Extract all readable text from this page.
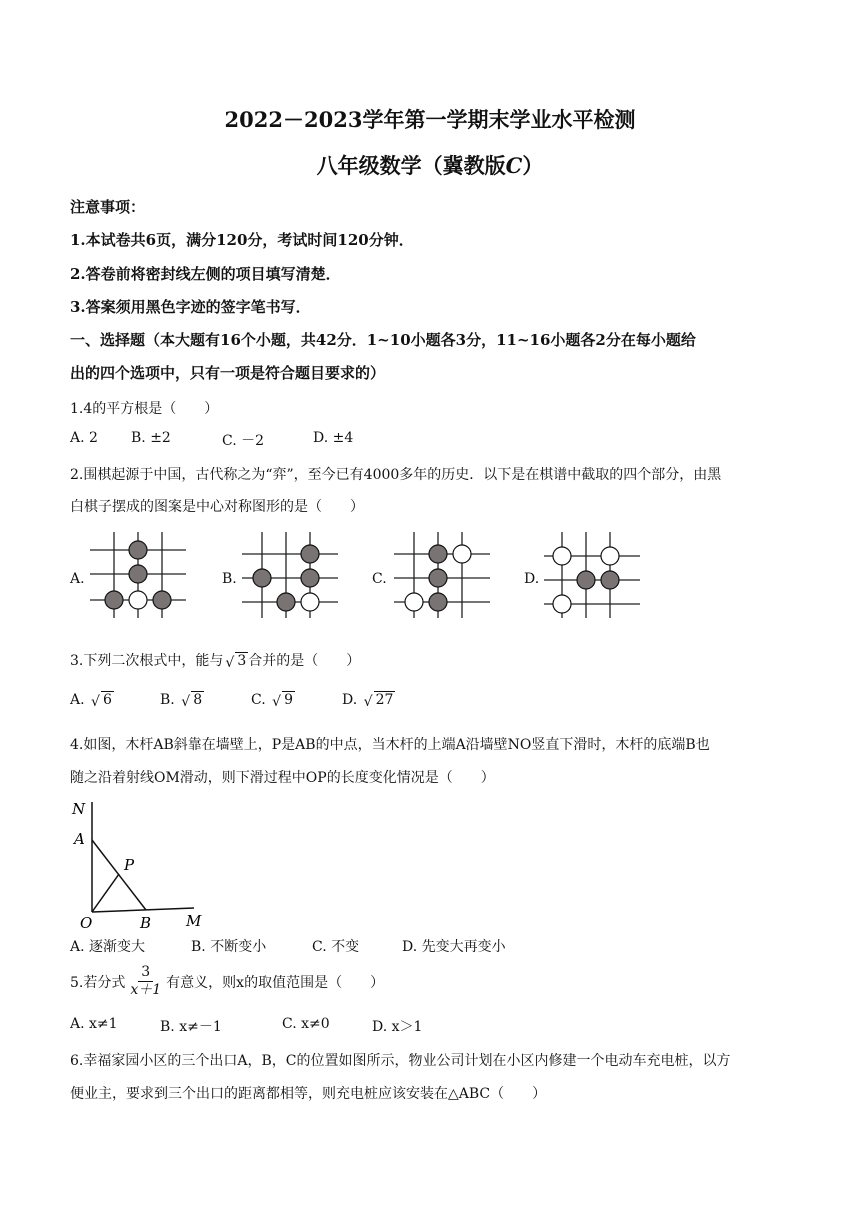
2022－2023学年第一学期末学业水平检测
八年级数学（冀教版C）
注意事项：
1.本试卷共6页，满分120分，考试时间120分钟．
2.答卷前将密封线左侧的项目填写清楚．
3.答案须用黑色字迹的签字笔书写．
一、选择题（本大题有16个小题，共42分．1~10小题各3分，11~16小题各2分在每小题给
出的四个选项中，只有一项是符合题目要求的）
1.4的平方根是（　　）
A. 2 B. ±2	C. －2	D. ±4
2.围棋起源于中国，古代称之为“弈”，至今已有4000多年的历史．以下是在棋谱中截取的四个部分，由黑
白棋子摆成的图案是中心对称图形的是（　　）
A.	B.	C.	D.
3.下列二次根式中，能与 √ 3 合并的是（　　）
A. √ 6	B. √ 8	C. √ 9	D. √ 27
4.如图，木杆AB斜靠在墙壁上，P是AB的中点，当木杆的上端A沿墙壁NO竖直下滑时，木杆的底端B也
随之沿着射线OM滑动，则下滑过程中OP的长度变化情况是（　　）
N
A
P
O	B M
A. 逐渐变大	B. 不断变小	C. 不变	D. 先变大再变小
5.若分式 $\frac{3}{x+1}$ 有意义，则x的取值范围是（　　）
A. x≠1	B. x≠－1	C. x≠0	D. x＞1
6.幸福家园小区的三个出口A，B，C的位置如图所示，物业公司计划在小区内修建一个电动车充电桩，以方
便业主，要求到三个出口的距离都相等，则充电桩应该安装在△ABC（　　）
